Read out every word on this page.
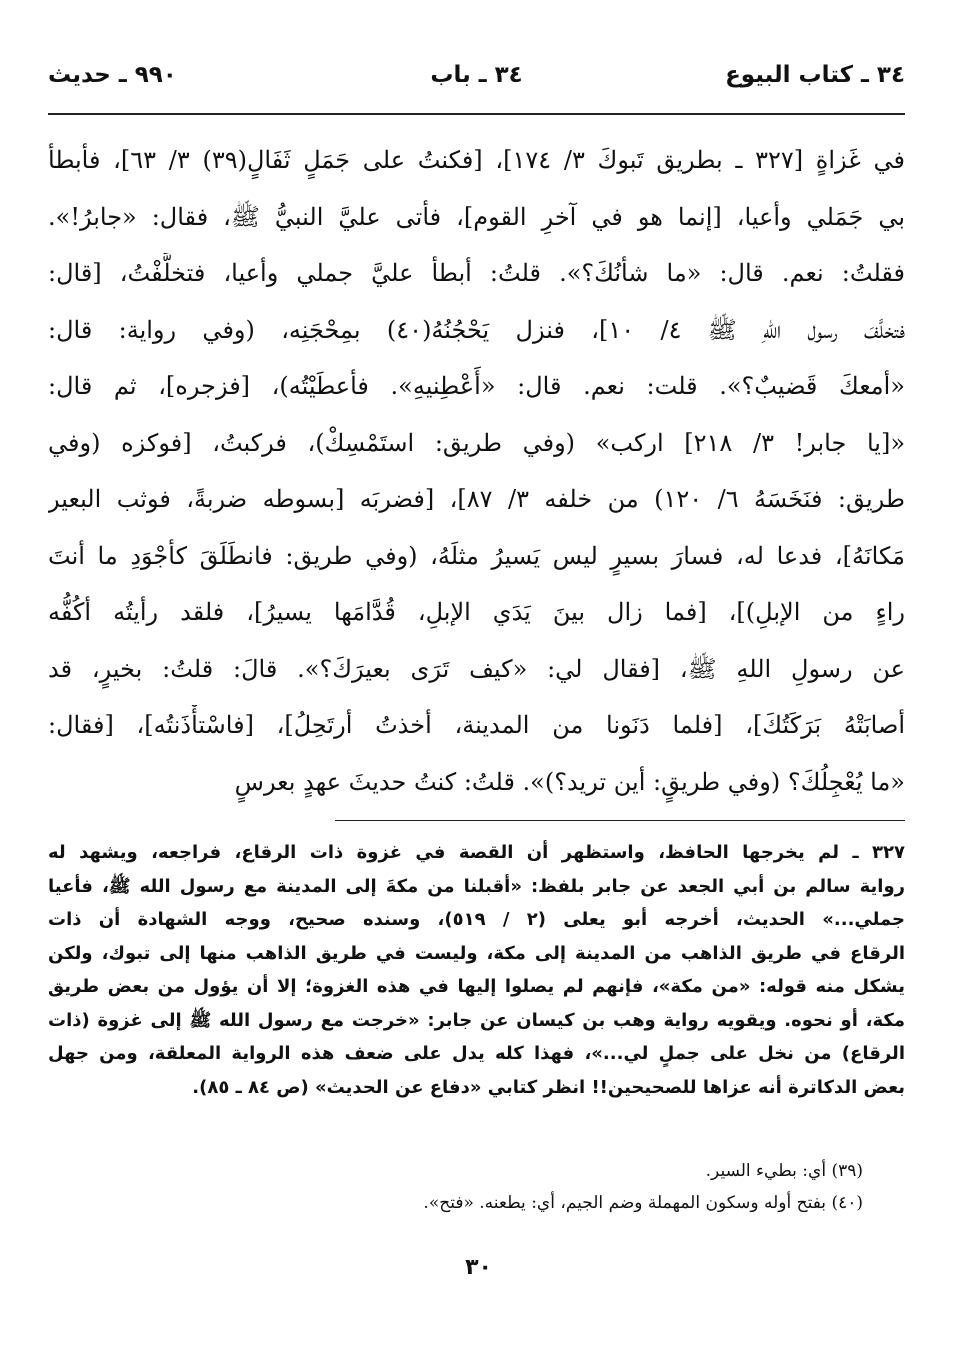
٣٤ ـ كتاب البيوع
٣٤ ـ باب
٩٩٠ ـ حديث
في غَزاةٍ [٣٢٧ ـ بطريق تَبوكَ ٣/ ١٧٤]، [فكنتُ على جَمَلٍ ثَفَالٍ(٣٩) ٣/ ٦٣]، فأبطأ
بي جَمَلي وأعيا، [إنما هو في آخرِ القوم]، فأتى عليَّ النبيُّ ﷺ، فقال: «جابرُ!».
فقلتُ: نعم. قال: «ما شأنُكَ؟». قلتُ: أبطأ عليَّ جملي وأعيا، فتخلَّفْتُ، [قال:
فتخلَّفَ رسول اللهِ ﷺ ٤/ ١٠]، فنزل يَحْجُنُهُ(٤٠) بمِحْجَنِه، (وفي رواية: قال:
«أمعكَ قَضيبٌ؟». قلت: نعم. قال: «أَعْطِنيهِ». فأعطَيْتُه)، [فزجره]، ثم قال:
«[يا جابر! ٣/ ٢١٨] اركب» (وفي طريق: استَمْسِكْ)، فركبتُ، [فوكزه (وفي
طريق: فنَخَسَهُ ٦/ ١٢٠) من خلفه ٣/ ٨٧]، [فضربَه [بسوطه ضربةً، فوثب البعير
مَكانَهُ]، فدعا له، فسارَ بسيرٍ ليس يَسيرُ مثلَهُ، (وفي طريق: فانطَلَقَ كأجْوَدِ ما أنتَ
راءٍ من الإبلِ)]، [فما زال بينَ يَدَي الإبلِ، قُدَّامَها يسيرُ]، فلقد رأيتُه أكُفُّه
عن رسولِ اللهِ ﷺ، [فقال لي: «كيف تَرَى بعيرَكَ؟». قالَ: قلتُ: بخيرٍ، قد
أصابَتْهُ بَرَكَتُكَ]، [فلما دَنَونا من المدينة، أخذتُ أرتَحِلُ]، [فاسْتأْذَنتُه]، [فقال:
«ما يُعْجِلُكَ؟ (وفي طريقٍ: أين تريد؟)». قلتُ: كنتُ حديثَ عهدٍ بعرسٍ
٣٢٧ ـ لم يخرجها الحافظ، واستظهر أن القصة في غزوة ذات الرقاع، فراجعه، ويشهد له
رواية سالم بن أبي الجعد عن جابر بلفظ: «أقبلنا من مكةَ إلى المدينة مع رسول الله ﷺ، فأعيا
جملي...» الحديث، أخرجه أبو يعلى (٢ / ٥١٩)، وسنده صحيح، ووجه الشهادة أن ذات
الرقاع في طريق الذاهب من المدينة إلى مكة، وليست في طريق الذاهب منها إلى تبوك، ولكن
يشكل منه قوله: «من مكة»، فإنهم لم يصلوا إليها في هذه الغزوة؛ إلا أن يؤول من بعض طريق
مكة، أو نحوه. ويقويه رواية وهب بن كيسان عن جابر: «خرجت مع رسول الله ﷺ إلى غزوة (ذات
الرقاع) من نخل على جملٍ لي...»، فهذا كله يدل على ضعف هذه الرواية المعلقة، ومن جهل
بعض الدكاترة أنه عزاها للصحيحين!! انظر كتابي «دفاع عن الحديث» (ص ٨٤ ـ ٨٥).
(٣٩) أي: بطيء السير.
(٤٠) بفتح أوله وسكون المهملة وضم الجيم، أي: يطعنه. «فتح».
٣٠
